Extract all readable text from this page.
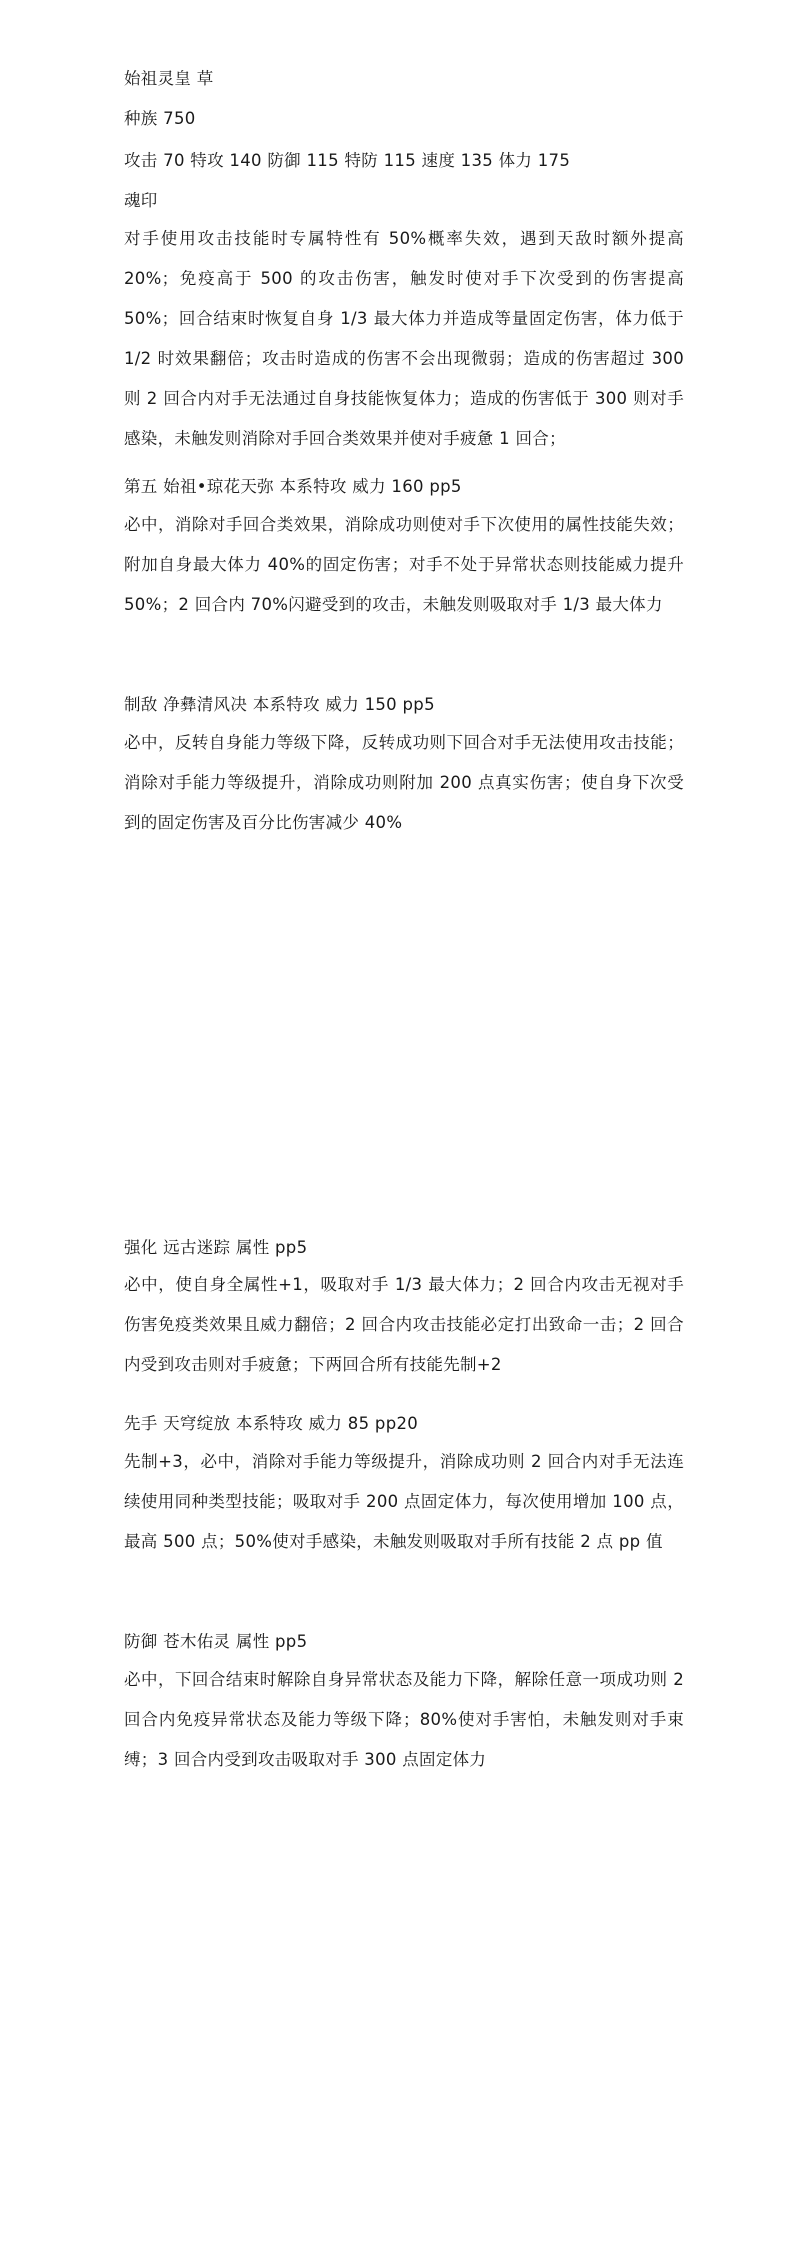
始祖灵皇 草
种族 750
攻击 70 特攻 140 防御 115 特防 115 速度 135 体力 175
魂印
对手使用攻击技能时专属特性有 50%概率失效，遇到天敌时额外提高 20%；免疫高于 500 的攻击伤害，触发时使对手下次受到的伤害提高 50%；回合结束时恢复自身 1/3 最大体力并造成等量固定伤害，体力低于 1/2 时效果翻倍；攻击时造成的伤害不会出现微弱；造成的伤害超过 300 则 2 回合内对手无法通过自身技能恢复体力；造成的伤害低于 300 则对手感染，未触发则消除对手回合类效果并使对手疲惫 1 回合；
第五 始祖•琼花天弥 本系特攻 威力 160 pp5
必中，消除对手回合类效果，消除成功则使对手下次使用的属性技能失效；附加自身最大体力 40%的固定伤害；对手不处于异常状态则技能威力提升 50%；2 回合内 70%闪避受到的攻击，未触发则吸取对手 1/3 最大体力
制敌 净彝清风决 本系特攻 威力 150 pp5
必中，反转自身能力等级下降，反转成功则下回合对手无法使用攻击技能；消除对手能力等级提升，消除成功则附加 200 点真实伤害；使自身下次受到的固定伤害及百分比伤害减少 40%
强化 远古迷踪 属性 pp5
必中，使自身全属性+1，吸取对手 1/3 最大体力；2 回合内攻击无视对手伤害免疫类效果且威力翻倍；2 回合内攻击技能必定打出致命一击；2 回合内受到攻击则对手疲惫；下两回合所有技能先制+2
先手 天穹绽放 本系特攻 威力 85 pp20
先制+3，必中，消除对手能力等级提升，消除成功则 2 回合内对手无法连续使用同种类型技能；吸取对手 200 点固定体力，每次使用增加 100 点，最高 500 点；50%使对手感染，未触发则吸取对手所有技能 2 点 pp 值
防御 苍木佑灵 属性 pp5
必中，下回合结束时解除自身异常状态及能力下降，解除任意一项成功则 2 回合内免疫异常状态及能力等级下降；80%使对手害怕，未触发则对手束缚；3 回合内受到攻击吸取对手 300 点固定体力
